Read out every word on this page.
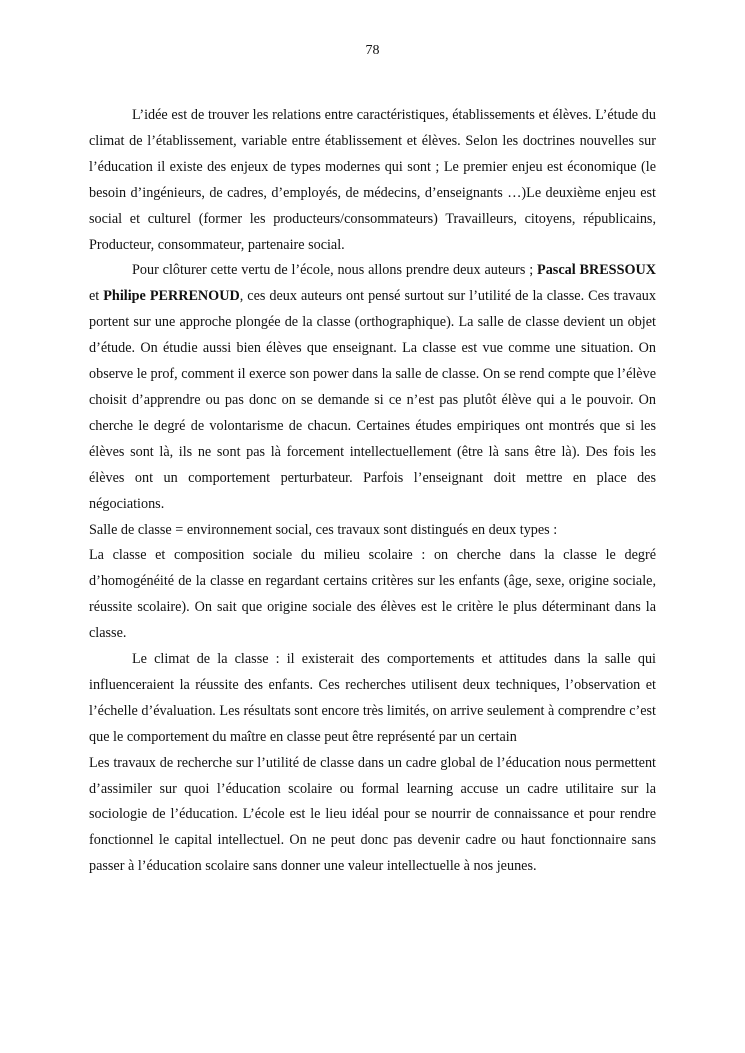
78

L’idée est de trouver les relations entre caractéristiques, établissements et élèves. L’étude du climat de l’établissement, variable entre établissement et élèves. Selon les doctrines nouvelles sur l’éducation il existe des enjeux de types modernes qui sont ; Le premier enjeu est économique (le besoin d’ingénieurs, de cadres, d’employés, de médecins, d’enseignants …)Le deuxième enjeu est social et culturel (former les producteurs/consommateurs) Travailleurs, citoyens, républicains, Producteur, consommateur, partenaire social.

Pour clôturer cette vertu de l’école, nous allons prendre deux auteurs ; Pascal BRESSOUX et Philipe PERRENOUD, ces deux auteurs ont pensé surtout sur l’utilité de la classe. Ces travaux portent sur une approche plongée de la classe (orthographique). La salle de classe devient un objet d’étude. On étudie aussi bien élèves que enseignant. La classe est vue comme une situation. On observe le prof, comment il exerce son power dans la salle de classe. On se rend compte que l’élève choisit d’apprendre ou pas donc on se demande si ce n’est pas plutôt élève qui a le pouvoir. On cherche le degré de volontarisme de chacun. Certaines études empiriques ont montrés que si les élèves sont là, ils ne sont pas là forcement intellectuellement (être là sans être là). Des fois les élèves ont un comportement perturbateur. Parfois l’enseignant doit mettre en place des négociations.

Salle de classe = environnement social, ces travaux sont distingués en deux types :

La classe et composition sociale du milieu scolaire : on cherche dans la classe le degré d’homogénéité de la classe en regardant certains critères sur les enfants (âge, sexe, origine sociale, réussite scolaire). On sait que origine sociale des élèves est le critère le plus déterminant dans la classe.

Le climat de la classe : il existerait des comportements et attitudes dans la salle qui influenceraient la réussite des enfants. Ces recherches utilisent deux techniques, l’observation et l’échelle d’évaluation. Les résultats sont encore très limités, on arrive seulement à comprendre c’est que le comportement du maître en classe peut être représenté par un certain

Les travaux de recherche sur l’utilité de classe dans un cadre global de l’éducation nous permettent d’assimiler sur quoi l’éducation scolaire ou formal learning accuse un cadre utilitaire sur la sociologie de l’éducation. L’école est le lieu idéal pour se nourrir de connaissance et pour rendre fonctionnel le capital intellectuel. On ne peut donc pas devenir cadre ou haut fonctionnaire sans passer à l’éducation scolaire sans donner une valeur intellectuelle à nos jeunes.
